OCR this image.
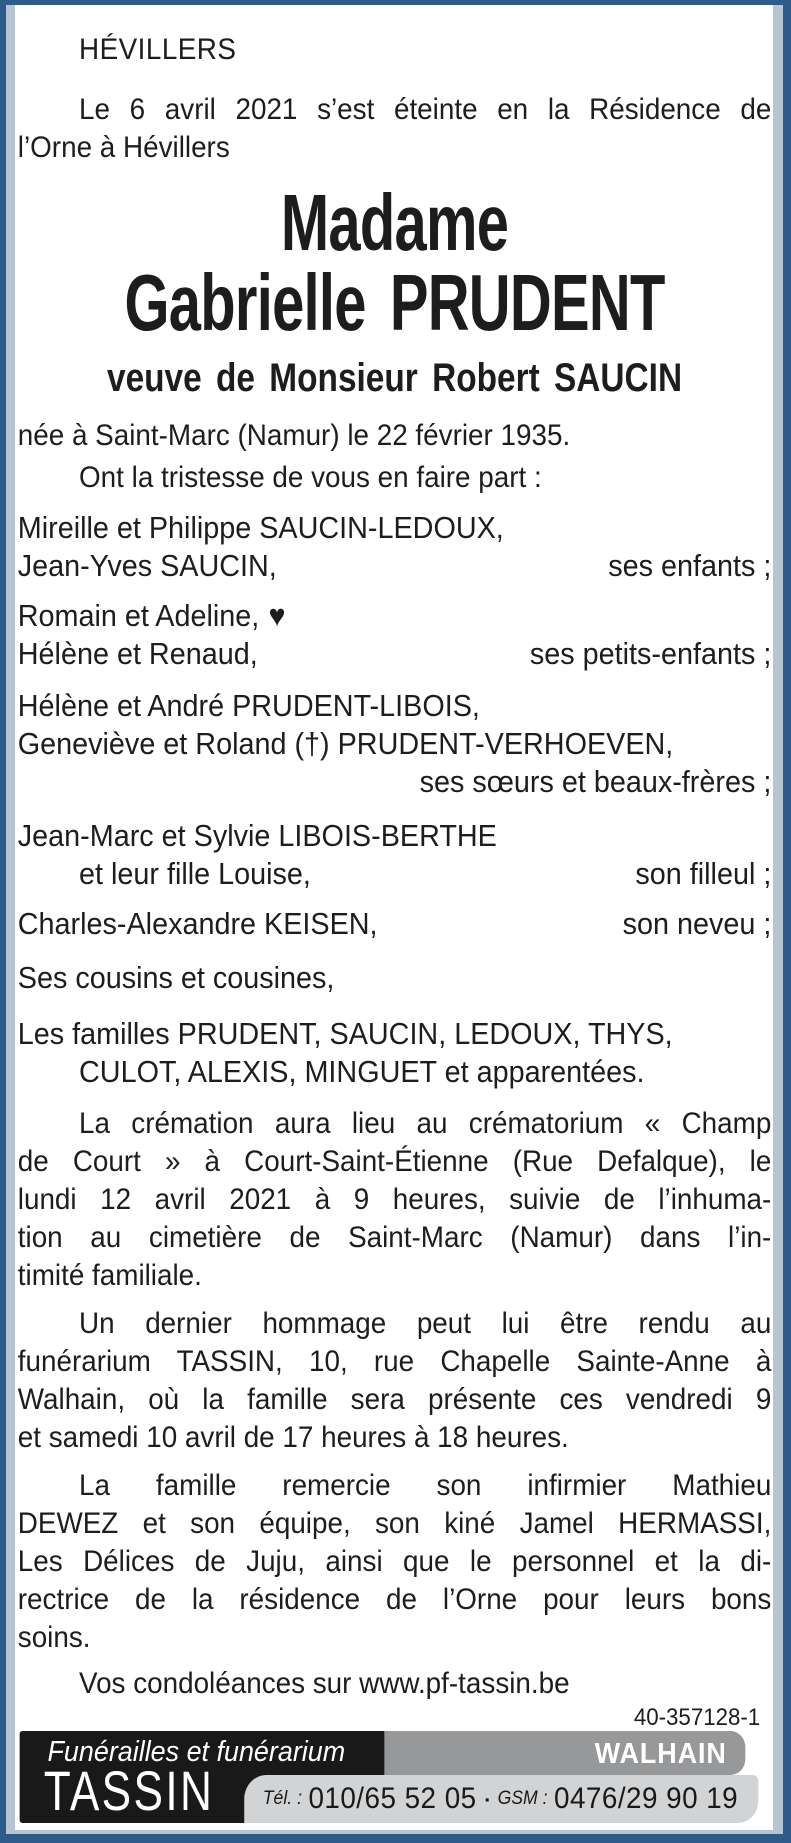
HÉVILLERS
Le 6 avril 2021 s’est éteinte en la Résidence de
l’Orne à Hévillers
Madame
Gabrielle PRUDENT
veuve de Monsieur Robert SAUCIN
née à Saint-Marc (Namur) le 22 février 1935.
Ont la tristesse de vous en faire part :
Mireille et Philippe SAUCIN-LEDOUX,
Jean-Yves SAUCIN,	ses enfants ;
Romain et Adeline, ♥
Hélène et Renaud,	ses petits-enfants ;
Hélène et André PRUDENT-LIBOIS,
Geneviève et Roland (†) PRUDENT-VERHOEVEN,
ses sœurs et beaux-frères ;
Jean-Marc et Sylvie LIBOIS-BERTHE
et leur fille Louise,	son filleul ;
Charles-Alexandre KEISEN,	son neveu ;
Ses cousins et cousines,
Les familles PRUDENT, SAUCIN, LEDOUX, THYS,
CULOT, ALEXIS, MINGUET et apparentées.
La crémation aura lieu au crématorium « Champ
de Court » à Court-Saint-Étienne (Rue Defalque), le
lundi 12 avril 2021 à 9 heures, suivie de l’inhuma-
tion au cimetière de Saint-Marc (Namur) dans l’in-
timité familiale.
Un dernier hommage peut lui être rendu au
funérarium TASSIN, 10, rue Chapelle Sainte-Anne à
Walhain, où la famille sera présente ces vendredi 9
et samedi 10 avril de 17 heures à 18 heures.
La famille remercie son infirmier Mathieu
DEWEZ et son équipe, son kiné Jamel HERMASSI,
Les Délices de Juju, ainsi que le personnel et la di-
rectrice de la résidence de l’Orne pour leurs bons
soins.
Vos condoléances sur www.pf-tassin.be
40-357128-1
Funérailles et funérarium
TASSIN
WALHAIN
Tél. : 010/65 52 05 ▪ GSM : 0476/29 90 19
